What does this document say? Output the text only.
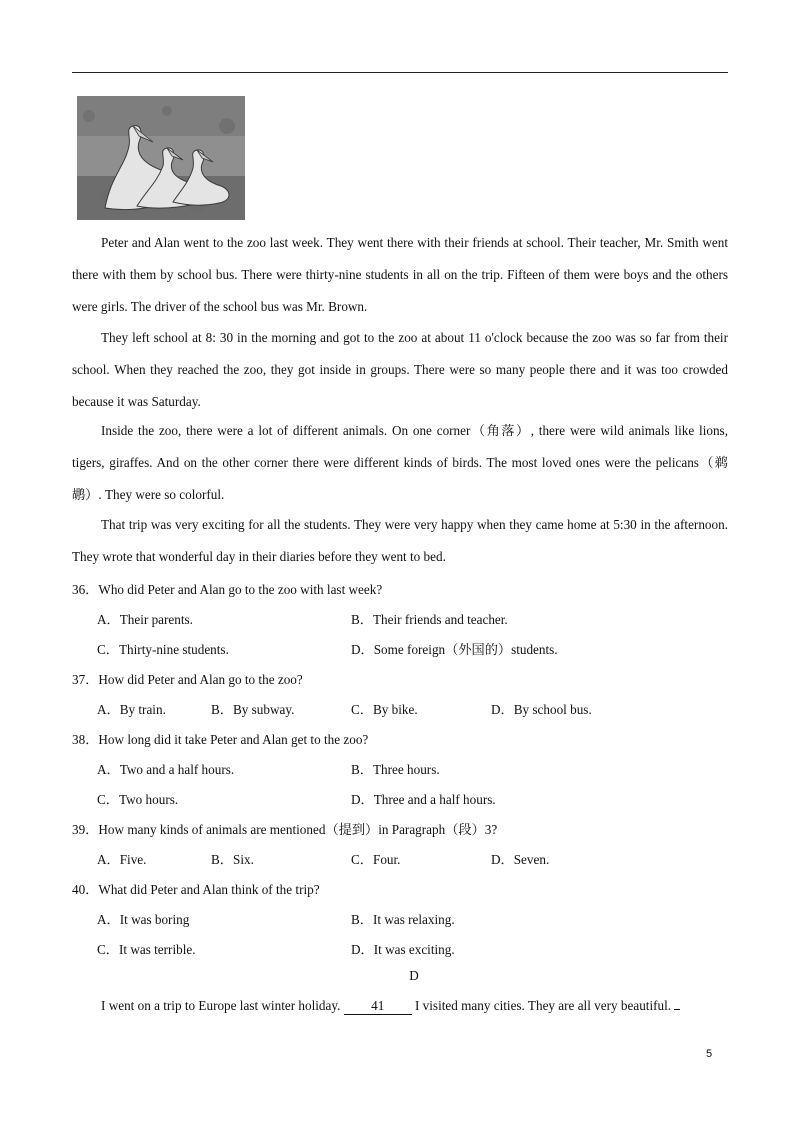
Peter and Alan went to the zoo last week. They went there with their friends at school. Their teacher, Mr. Smith went there with them by school bus. There were thirty-nine students in all on the trip. Fifteen of them were boys and the others were girls. The driver of the school bus was Mr. Brown.

They left school at 8: 30 in the morning and got to the zoo at about 11 o'clock because the zoo was so far from their school. When they reached the zoo, they got inside in groups. There were so many people there and it was too crowded because it was Saturday.

Inside the zoo, there were a lot of different animals. On one corner（角落）, there were wild animals like lions, tigers, giraffes. And on the other corner there were different kinds of birds. The most loved ones were the pelicans（鹈鹕）. They were so colorful.

That trip was very exciting for all the students. They were very happy when they came home at 5:30 in the afternoon. They wrote that wonderful day in their diaries before they went to bed.

36．Who did Peter and Alan go to the zoo with last week?

A．Their parents.	B．Their friends and teacher.

C．Thirty-nine students.	D．Some foreign（外国的）students.

37．How did Peter and Alan go to the zoo?

A．By train.	B．By subway.	C．By bike.	D．By school bus.

38．How long did it take Peter and Alan get to the zoo?

A．Two and a half hours.	B．Three hours.

C．Two hours.	D．Three and a half hours.

39．How many kinds of animals are mentioned（提到）in Paragraph（段）3?

A．Five.	B．Six.	C．Four.	D．Seven.

40．What did Peter and Alan think of the trip?

A．It was boring	B．It was relaxing.

C．It was terrible.	D．It was exciting.

D

I went on a trip to Europe last winter holiday. 41 I visited many cities. They are all very beautiful.

5
